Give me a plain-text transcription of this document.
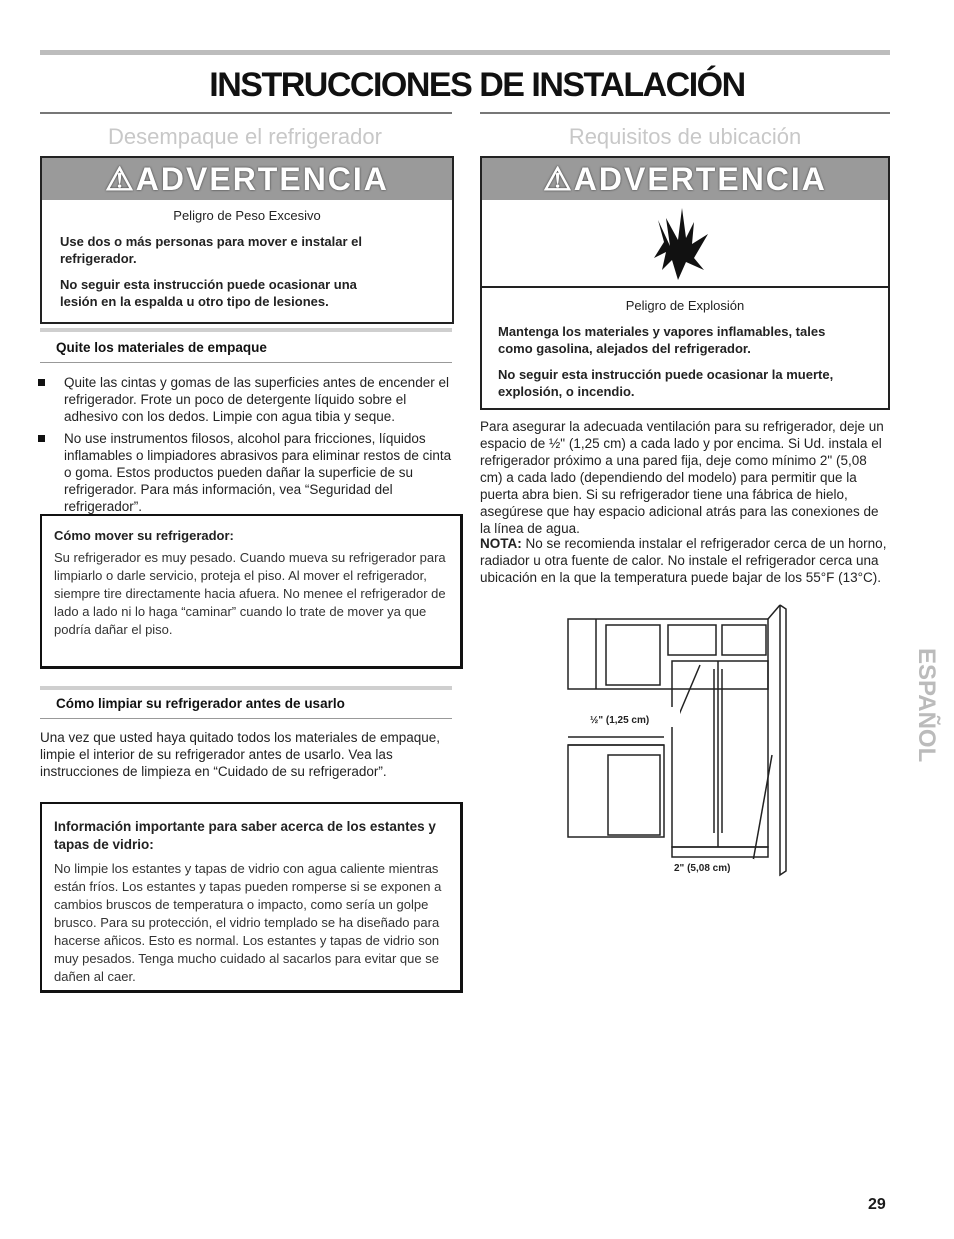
INSTRUCCIONES DE INSTALACIÓN
Desempaque el refrigerador
⚠ADVERTENCIA
Peligro de Peso Excesivo
Use dos o más personas para mover e instalar el refrigerador.
No seguir esta instrucción puede ocasionar una lesión en la espalda u otro tipo de lesiones.
Quite los materiales de empaque
Quite las cintas y gomas de las superficies antes de encender el refrigerador. Frote un poco de detergente líquido sobre el adhesivo con los dedos. Limpie con agua tibia y seque.
No use instrumentos filosos, alcohol para fricciones, líquidos inflamables o limpiadores abrasivos para eliminar restos de cinta o goma. Estos productos pueden dañar la superficie de su refrigerador. Para más información, vea “Seguridad del refrigerador”.
Cómo mover su refrigerador:
Su refrigerador es muy pesado. Cuando mueva su refrigerador para limpiarlo o darle servicio, proteja el piso. Al mover el refrigerador, siempre tire directamente hacia afuera. No menee el refrigerador de lado a lado ni lo haga “caminar” cuando lo trate de mover ya que podría dañar el piso.
Cómo limpiar su refrigerador antes de usarlo
Una vez que usted haya quitado todos los materiales de empaque, limpie el interior de su refrigerador antes de usarlo. Vea las instrucciones de limpieza en “Cuidado de su refrigerador”.
Información importante para saber acerca de los estantes y tapas de vidrio:
No limpie los estantes y tapas de vidrio con agua caliente mientras están fríos. Los estantes y tapas pueden romperse si se exponen a cambios bruscos de temperatura o impacto, como sería un golpe brusco. Para su protección, el vidrio templado se ha diseñado para hacerse añicos. Esto es normal. Los estantes y tapas de vidrio son muy pesados. Tenga mucho cuidado al sacarlos para evitar que se dañen al caer.
Requisitos de ubicación
⚠ADVERTENCIA
Peligro de Explosión
Mantenga los materiales y vapores inflamables, tales como gasolina, alejados del refrigerador.
No seguir esta instrucción puede ocasionar la muerte, explosión, o incendio.
Para asegurar la adecuada ventilación para su refrigerador, deje un espacio de ½" (1,25 cm) a cada lado y por encima. Si Ud. instala el refrigerador próximo a una pared fija, deje como mínimo 2" (5,08 cm) a cada lado (dependiendo del modelo) para permitir que la puerta abra bien. Si su refrigerador tiene una fábrica de hielo, asegúrese que hay espacio adicional atrás para las conexiones de la línea de agua.
NOTA: No se recomienda instalar el refrigerador cerca de un horno, radiador u otra fuente de calor. No instale el refrigerador cerca una ubicación en la que la temperatura puede bajar de los 55°F (13°C).
½" (1,25 cm)
2" (5,08 cm)
ESPAÑOL
29
